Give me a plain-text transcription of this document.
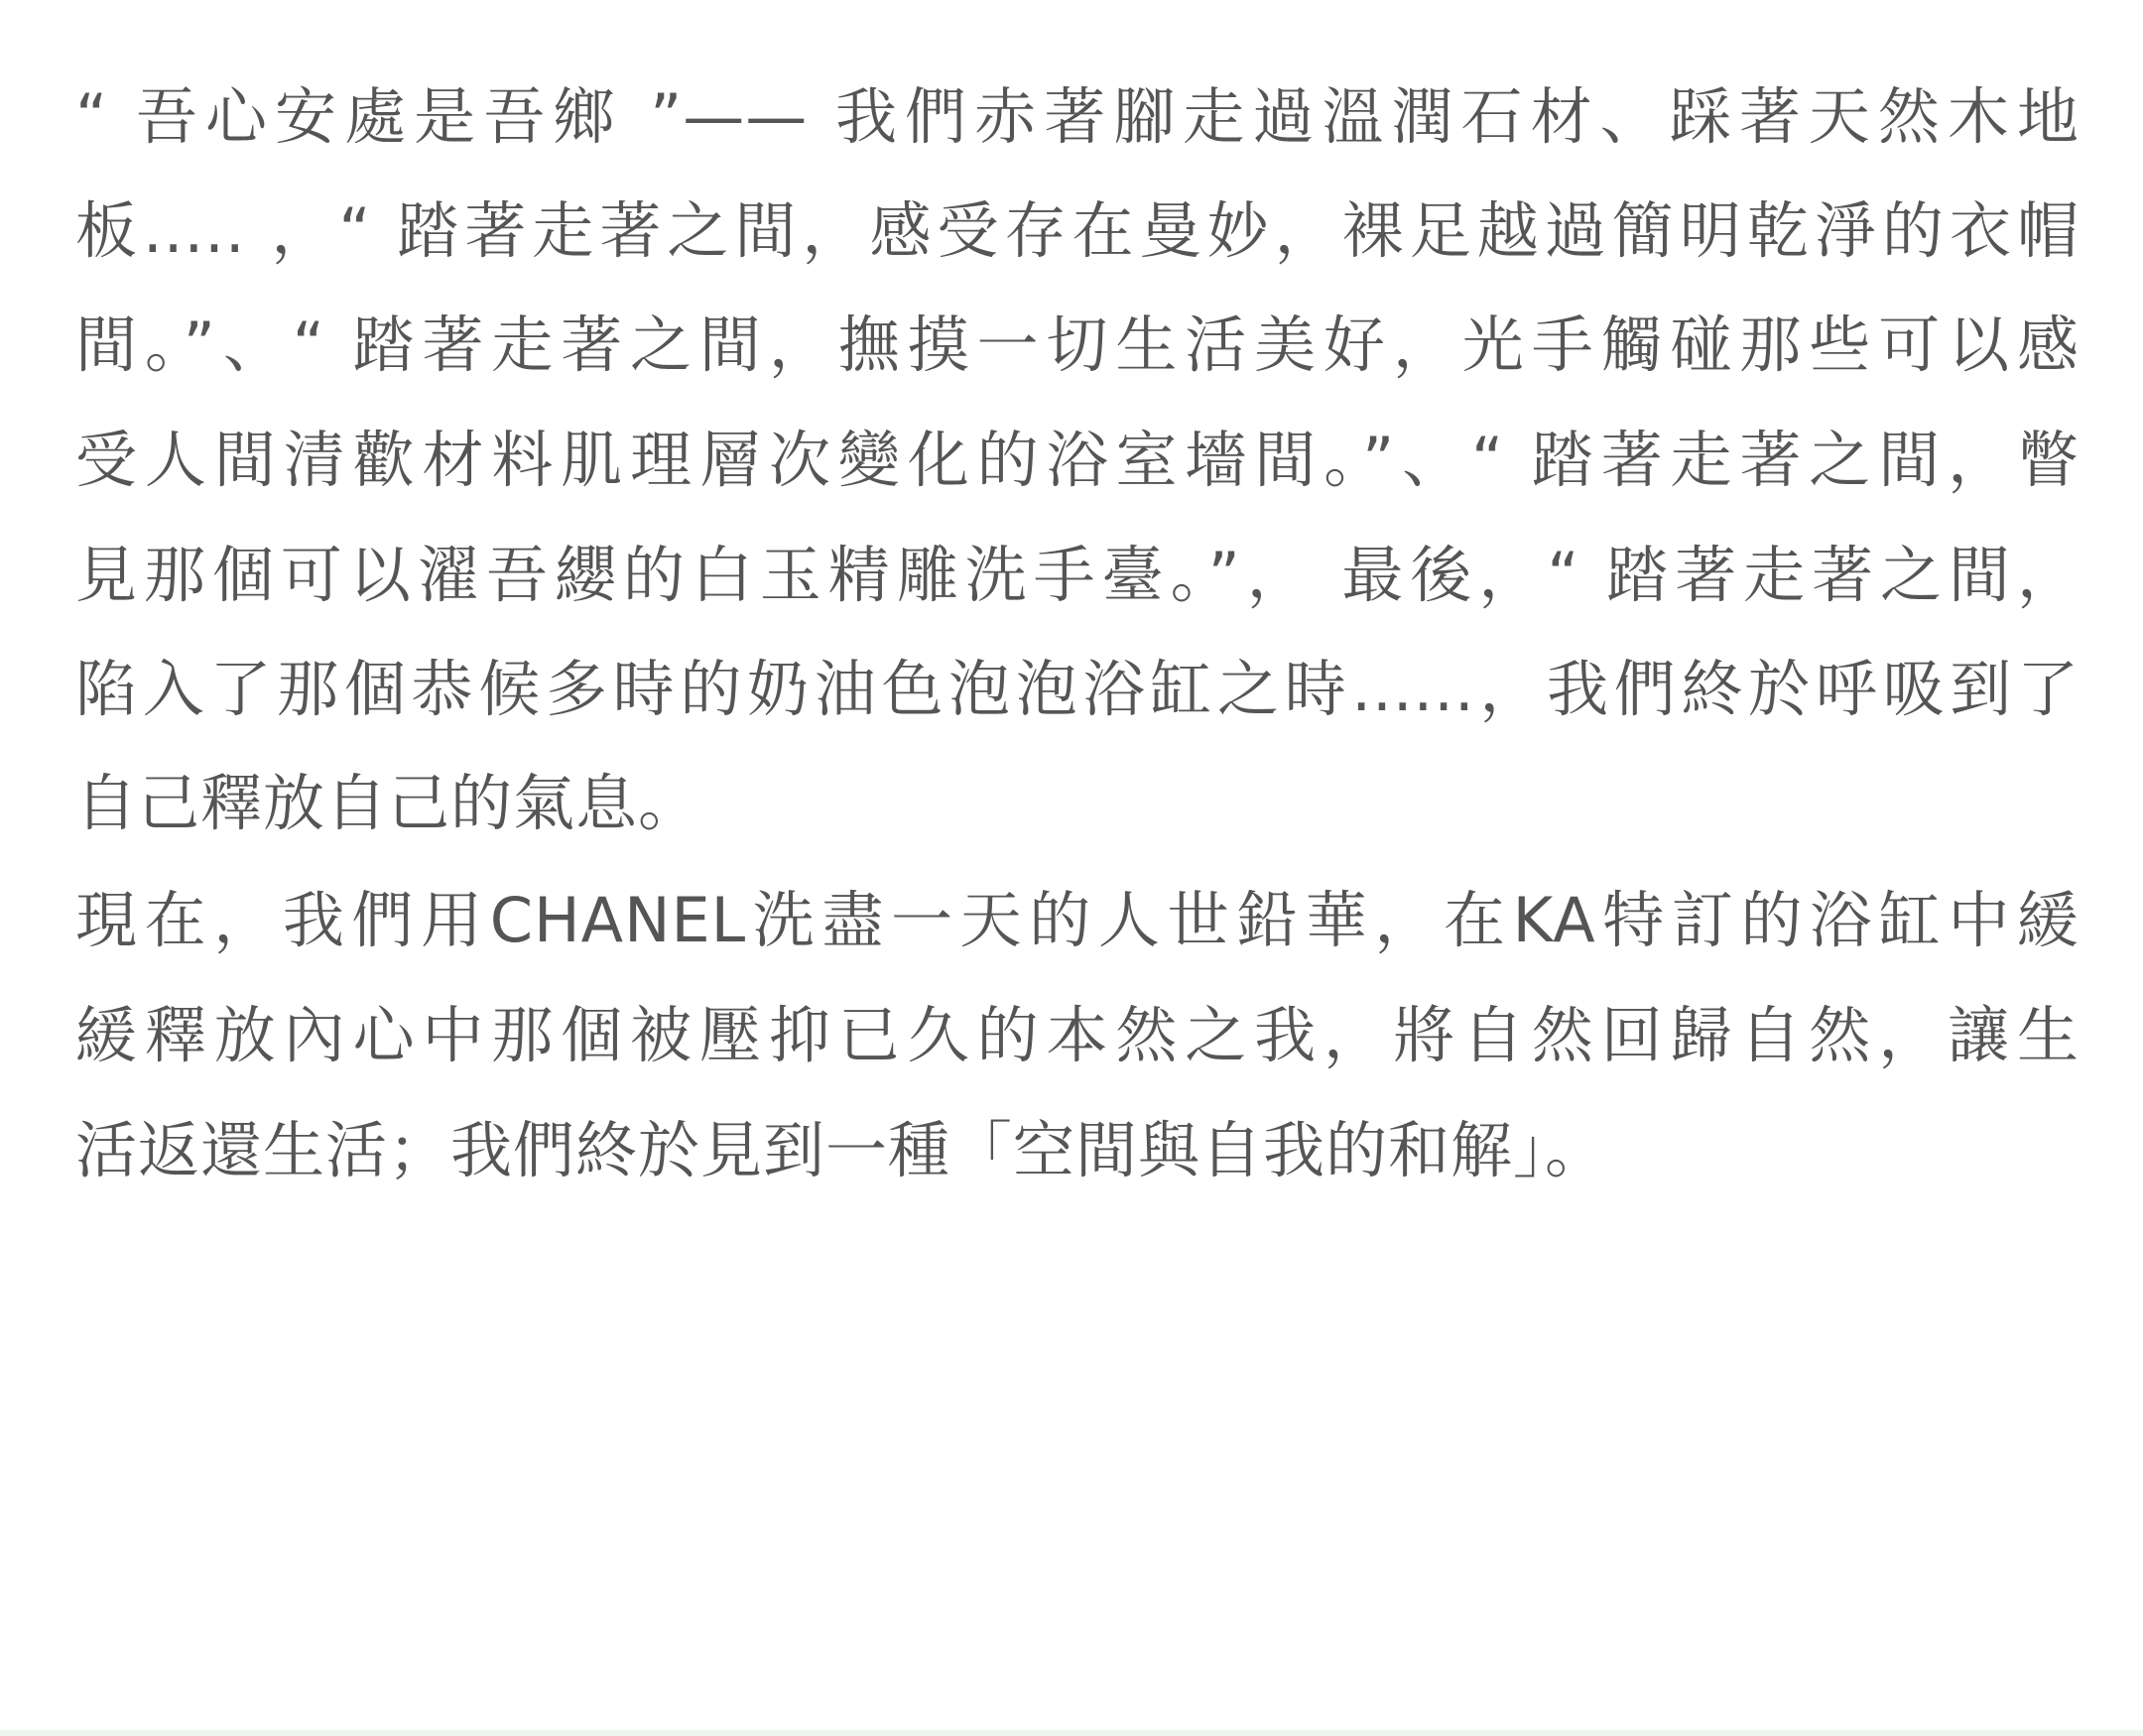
“ 吾心安處是吾鄉 ”—— 我們赤著腳走過溫潤石材、踩著天然木地
板..... ，“ 踏著走著之間，感受存在曼妙，裸足越過簡明乾淨的衣帽
間。”、“ 踏著走著之間，撫摸一切生活美好，光手觸碰那些可以感
受人間清歡材料肌理層次變化的浴室墻間。”、“ 踏著走著之間，瞥
見那個可以濯吾纓的白玉精雕洗手臺。”， 最後，“ 踏著走著之間，
陷入了那個恭候多時的奶油色泡泡浴缸之時......，我們終於呼吸到了
自己釋放自己的氣息。
現在，我們用CHANEL洗盡一天的人世鉛華，在KA特訂的浴缸中緩
緩釋放內心中那個被壓抑已久的本然之我，將自然回歸自然，讓生
活返還生活；我們終於見到一種「空間與自我的和解」。
